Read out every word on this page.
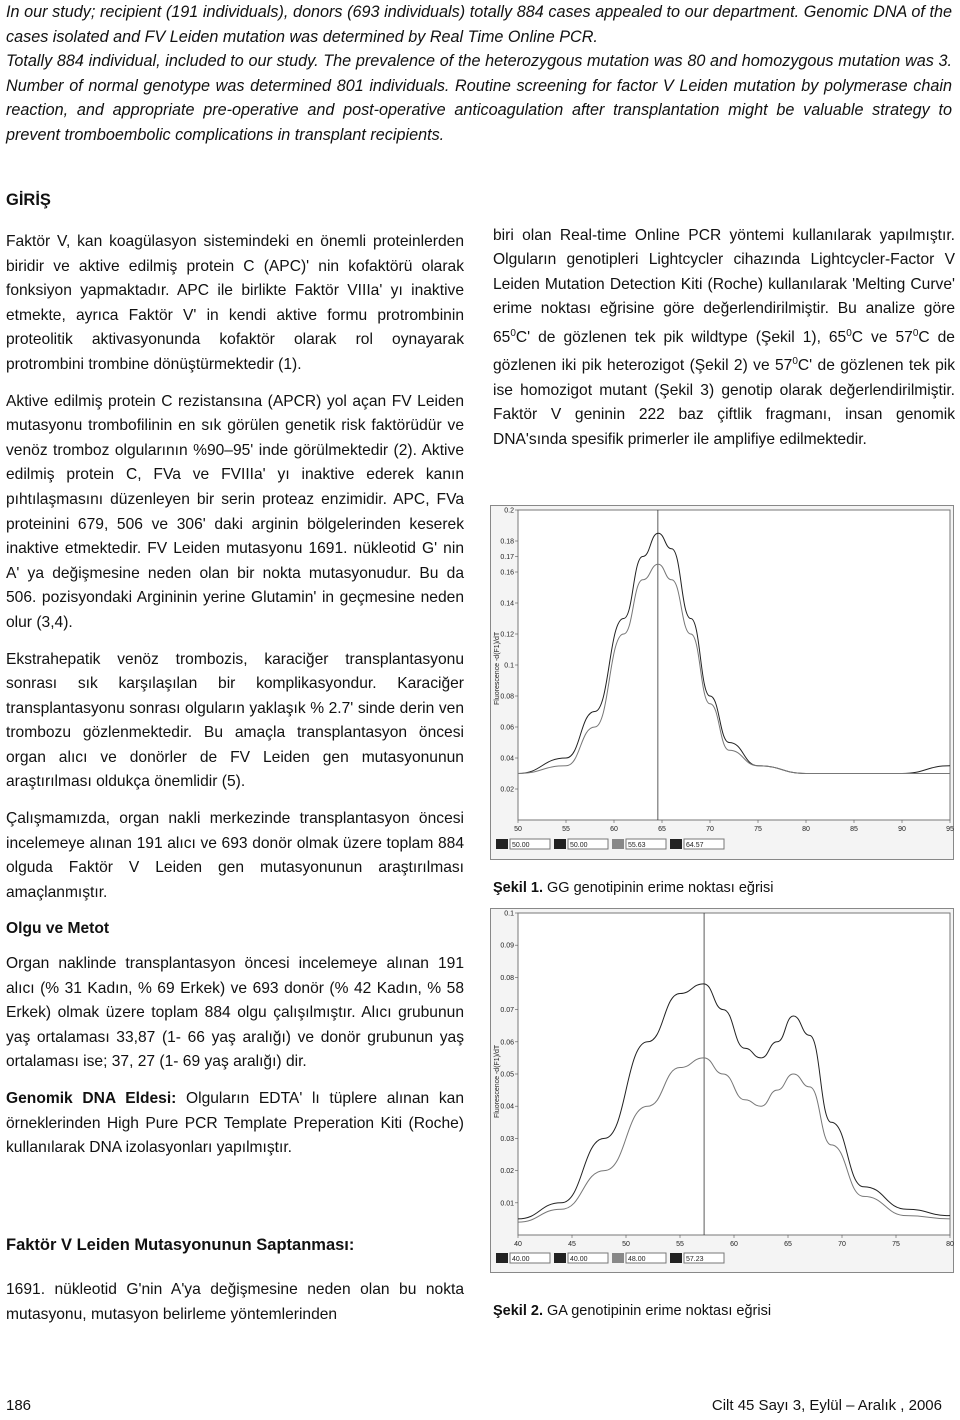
In our study; recipient (191 individuals), donors (693 individuals) totally 884 cases appealed to our department. Genomic DNA of the cases isolated and FV Leiden mutation was determined by Real Time Online PCR.

Totally 884 individual, included to our study. The prevalence of the heterozygous mutation was 80 and homozygous mutation was 3. Number of normal genotype was determined 801 individuals. Routine screening for factor V Leiden mutation by polymerase chain reaction, and appropriate pre-operative and post-operative anticoagulation after transplantation might be valuable strategy to prevent tromboembolic complications in transplant recipients.

GİRİŞ

Faktör V, kan koagülasyon sistemindeki en önemli proteinlerden biridir ve aktive edilmiş protein C (APC)' nin kofaktörü olarak fonksiyon yapmaktadır. APC ile birlikte Faktör VIIIa' yı inaktive etmekte, ayrıca Faktör V' in kendi aktive formu protrombinin proteolitik aktivasyonunda kofaktör olarak rol oynayarak protrombini trombine dönüştürmektedir (1).

Aktive edilmiş protein C rezistansına (APCR) yol açan FV Leiden mutasyonu trombofilinin en sık görülen genetik risk faktörüdür ve venöz tromboz olgularının %90–95' inde görülmektedir (2). Aktive edilmiş protein C, FVa ve FVIIIa' yı inaktive ederek kanın pıhtılaşmasını düzenleyen bir serin proteaz enzimidir. APC, FVa proteinini 679, 506 ve 306' daki arginin bölgelerinden keserek inaktive etmektedir. FV Leiden mutasyonu 1691. nükleotid G' nin A' ya değişmesine neden olan bir nokta mutasyonudur. Bu da 506. pozisyondaki Argininin yerine Glutamin' in geçmesine neden olur (3,4).

Ekstrahepatik venöz trombozis, karaciğer transplantasyonu sonrası sık karşılaşılan bir komplikasyondur. Karaciğer transplantasyonu sonrası olguların yaklaşık % 2.7' sinde derin ven trombozu gözlenmektedir. Bu amaçla transplantasyon öncesi organ alıcı ve donörler de FV Leiden gen mutasyonunun araştırılması oldukça önemlidir (5).

Çalışmamızda, organ nakli merkezinde transplantasyon öncesi incelemeye alınan 191 alıcı ve 693 donör olmak üzere toplam 884 olguda Faktör V Leiden gen mutasyonunun araştırılması amaçlanmıştır.

Olgu ve Metot

Organ naklinde transplantasyon öncesi incelemeye alınan 191 alıcı (% 31 Kadın, % 69 Erkek) ve 693 donör (% 42 Kadın, % 58 Erkek) olmak üzere toplam 884 olgu çalışılmıştır. Alıcı grubunun yaş ortalaması 33,87 (1- 66 yaş aralığı) ve donör grubunun yaş ortalaması ise; 37, 27 (1- 69 yaş aralığı) dir.

Genomik DNA Eldesi: Olguların EDTA' lı tüplere alınan kan örneklerinden High Pure PCR Template Preperation Kiti (Roche) kullanılarak DNA izolasyonları yapılmıştır.

Faktör V Leiden Mutasyonunun Saptanması:

1691. nükleotid G'nin A'ya değişmesine neden olan bu nokta mutasyonu, mutasyon belirleme yöntemlerinden

biri olan Real-time Online PCR yöntemi kullanılarak yapılmıştır. Olguların genotipleri Lightcycler cihazında Lightcycler-Factor V Leiden Mutation Detection Kiti (Roche) kullanılarak 'Melting Curve' erime noktası eğrisine göre değerlendirilmiştir. Bu analize göre $65^0C'$ de gözlenen tek pik wildtype (Şekil 1), $65^0C$ ve $57^0C$ de gözlenen iki pik heterozigot (Şekil 2) ve $57^0C'$ de gözlenen tek pik ise homozigot mutant (Şekil 3) genotip olarak değerlendirilmiştir. Faktör V geninin 222 baz çiftlik fragmanı, insan genomik DNA'sında spesifik primerler ile amplifiye edilmektedir.

Fluorescence -d(F1)/dT
0.02
0.04
0.06
0.08
0.1
0.12
0.14
0.16
0.17
0.18
0.2
50	55	60	65	70	75	80	85	90	95
50.00	50.00	55.63	64.57
Şekil 1. GG genotipinin erime noktası eğrisi
Fluorescence -d(F1)/dT
0.01
0.02
0.03
0.04
0.05
0.06
0.07
0.08
0.09
0.1
40	45	50	55	60	65	70	75	80
40.00	40.00	48.00	57.23
Şekil 2. GA genotipinin erime noktası eğrisi
186	Cilt 45 Sayı 3, Eylül – Aralık , 2006
